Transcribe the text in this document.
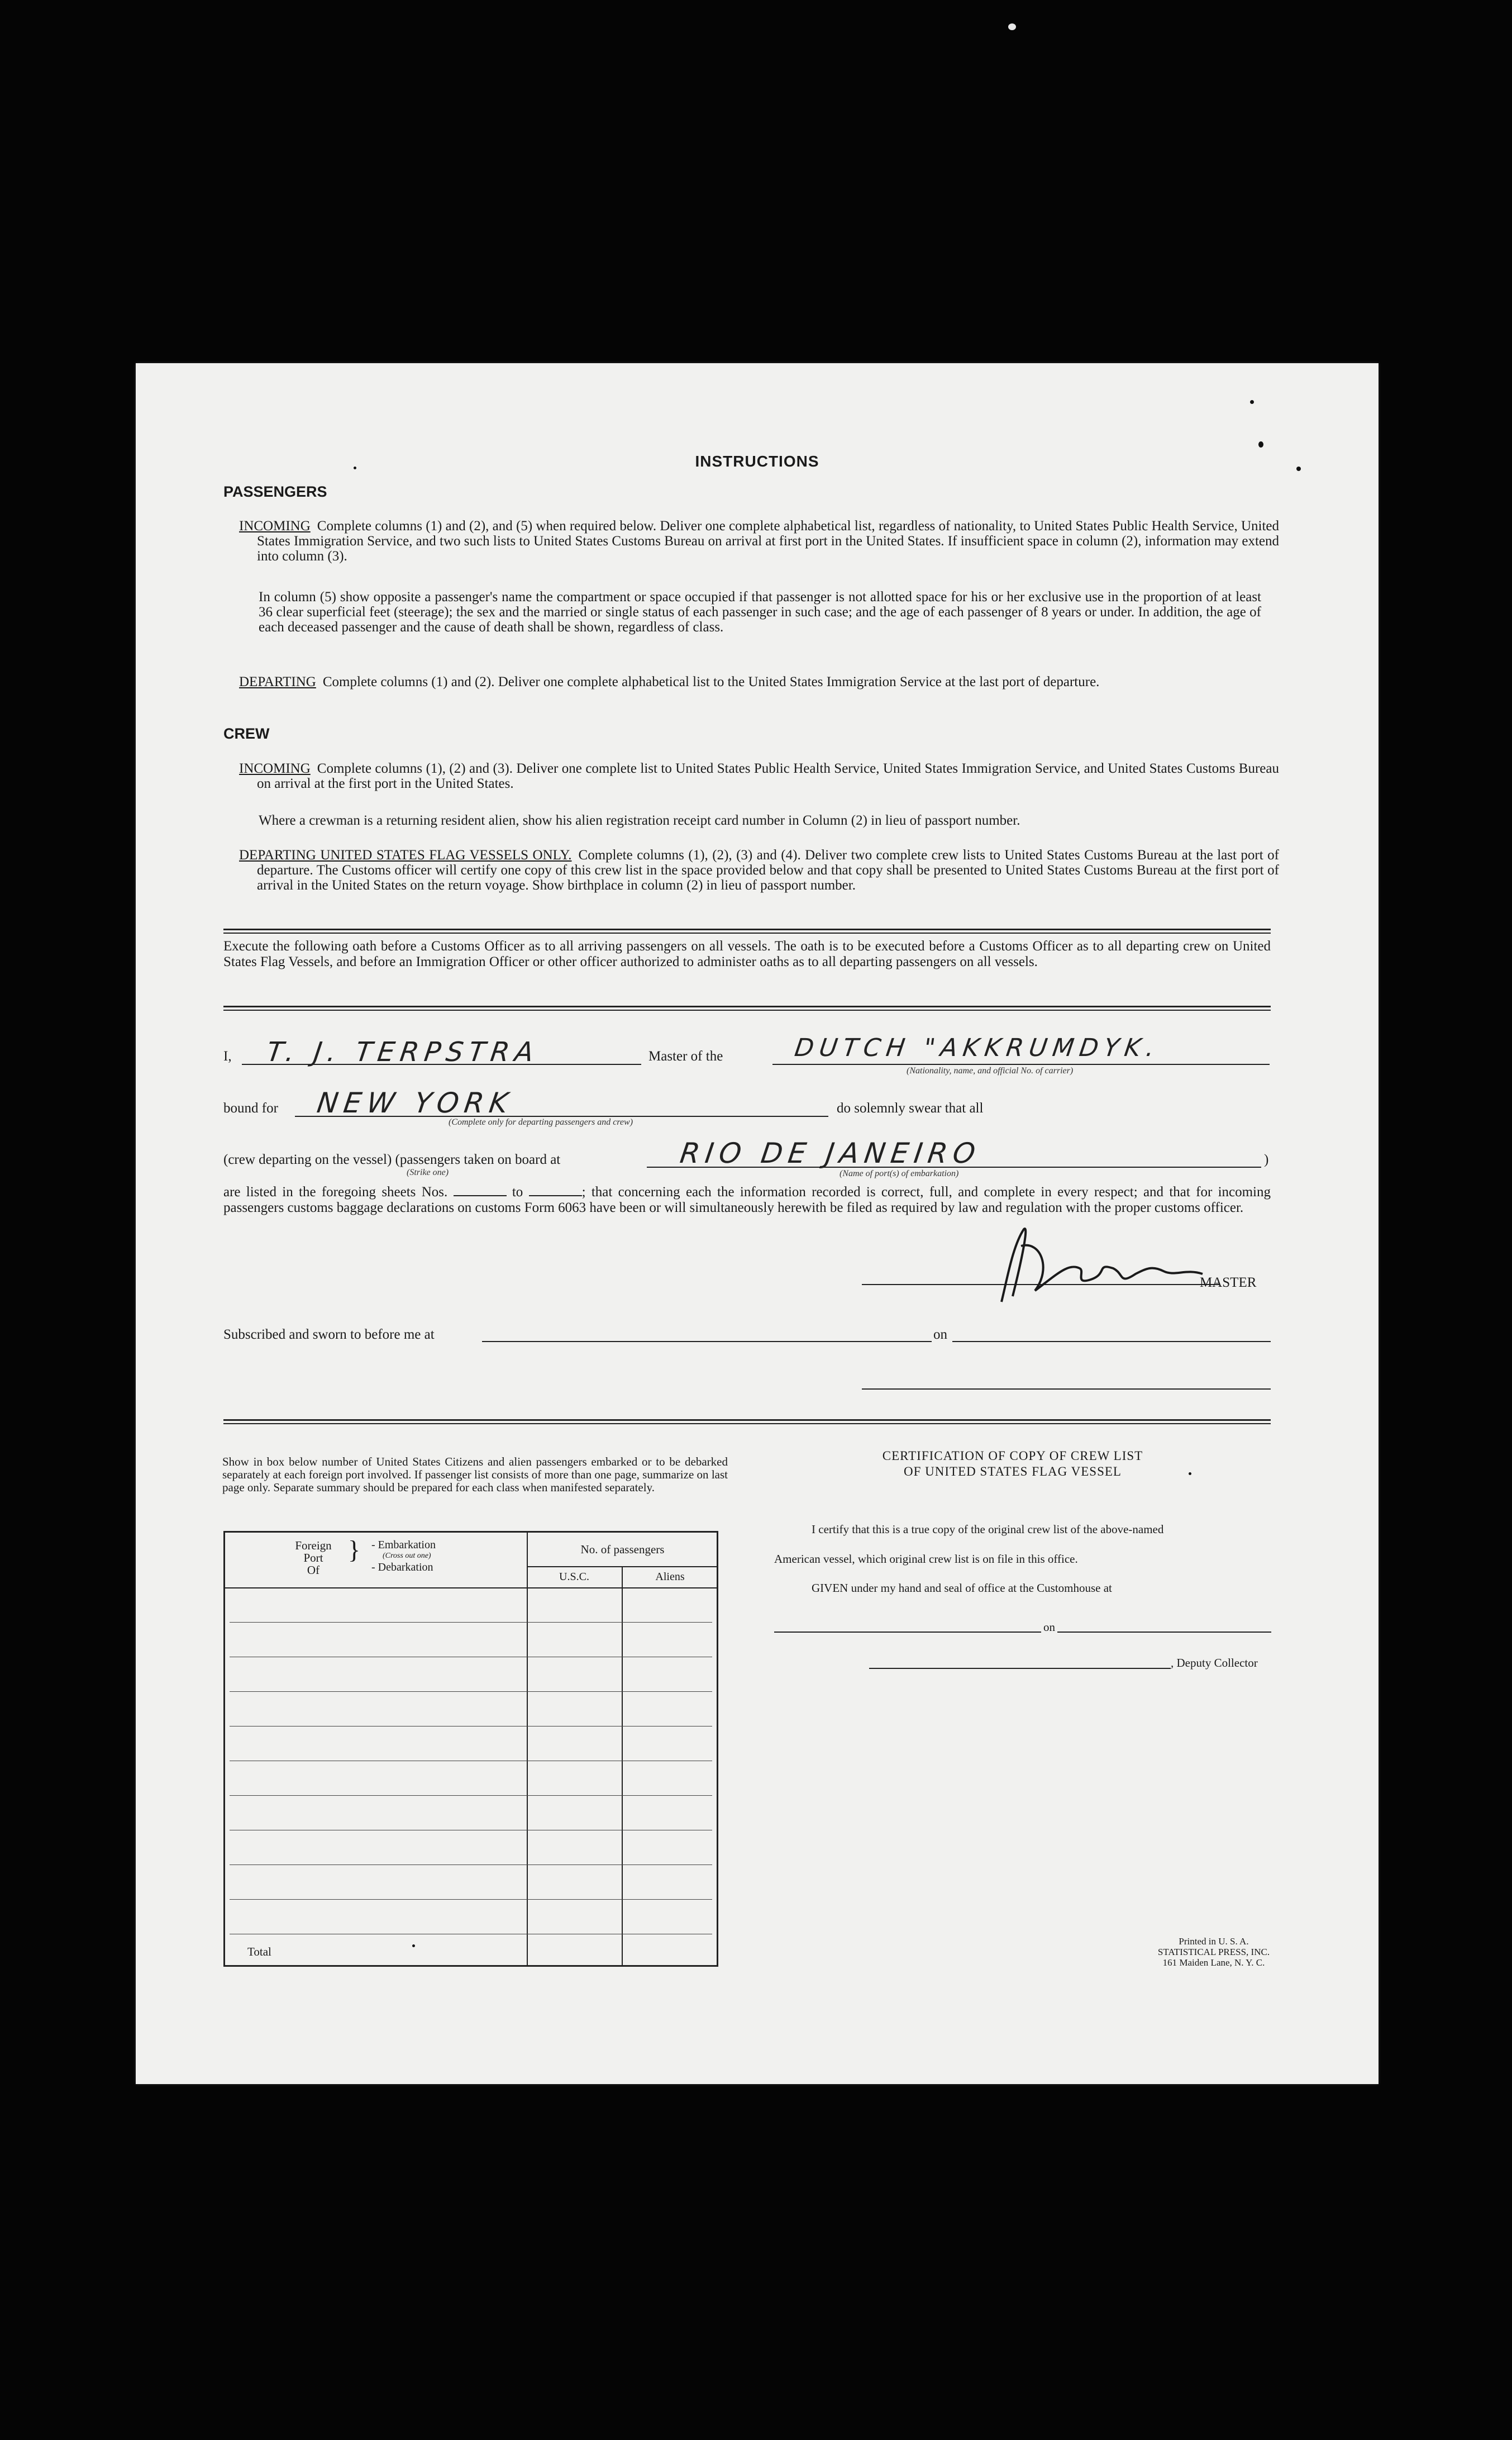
INSTRUCTIONS
PASSENGERS
INCOMING Complete columns (1) and (2), and (5) when required below. Deliver one complete alphabetical list, regardless of nationality, to United States Public Health Service, United States Immigration Service, and two such lists to United States Customs Bureau on arrival at first port in the United States. If insufficient space in column (2), information may extend into column (3).
In column (5) show opposite a passenger's name the compartment or space occupied if that passenger is not allotted space for his or her exclusive use in the proportion of at least 36 clear superficial feet (steerage); the sex and the married or single status of each passenger in such case; and the age of each passenger of 8 years or under. In addition, the age of each deceased passenger and the cause of death shall be shown, regardless of class.
DEPARTING Complete columns (1) and (2). Deliver one complete alphabetical list to the United States Immigration Service at the last port of departure.
CREW
INCOMING Complete columns (1), (2) and (3). Deliver one complete list to United States Public Health Service, United States Immigration Service, and United States Customs Bureau on arrival at the first port in the United States.
Where a crewman is a returning resident alien, show his alien registration receipt card number in Column (2) in lieu of passport number.
DEPARTING UNITED STATES FLAG VESSELS ONLY. Complete columns (1), (2), (3) and (4). Deliver two complete crew lists to United States Customs Bureau at the last port of departure. The Customs officer will certify one copy of this crew list in the space provided below and that copy shall be presented to United States Customs Bureau at the first port of arrival in the United States on the return voyage. Show birthplace in column (2) in lieu of passport number.
Execute the following oath before a Customs Officer as to all arriving passengers on all vessels. The oath is to be executed before a Customs Officer as to all departing crew on United States Flag Vessels, and before an Immigration Officer or other officer authorized to administer oaths as to all departing passengers on all vessels.
I, T. J. TERPSTRA	Master of the	DUTCH "AKKRUMDYK.
(Nationality, name, and official No. of carrier)
bound for NEW YORK
(Complete only for departing passengers and crew)
do solemnly swear that all
(crew departing on the vessel) (passengers taken on board at
(Strike one)
RIO DE JANEIRO
(Name of port(s) of embarkation)
)
are listed in the foregoing sheets Nos.	to	; that concerning each the information recorded is correct, full, and complete in every respect; and that for incoming passengers customs baggage declarations on customs Form 6063 have been or will simultaneously herewith be filed as required by law and regulation with the proper customs officer.
MASTER
Subscribed and sworn to before me at	on
Show in box below number of United States Citizens and alien passengers embarked or to be debarked separately at each foreign port involved. If passenger list consists of more than one page, summarize on last page only. Separate summary should be prepared for each class when manifested separately.
Foreign
Port
Of
} - Embarkation
(Cross out one)
- Debarkation
No. of passengers
U.S.C.	Aliens
Total
CERTIFICATION OF COPY OF CREW LIST
OF UNITED STATES FLAG VESSEL
I certify that this is a true copy of the original crew list of the above-named
American vessel, which original crew list is on file in this office.
GIVEN under my hand and seal of office at the Customhouse at
on
, Deputy Collector
Printed in U. S. A.
STATISTICAL PRESS, INC.
161 Maiden Lane, N. Y. C.
